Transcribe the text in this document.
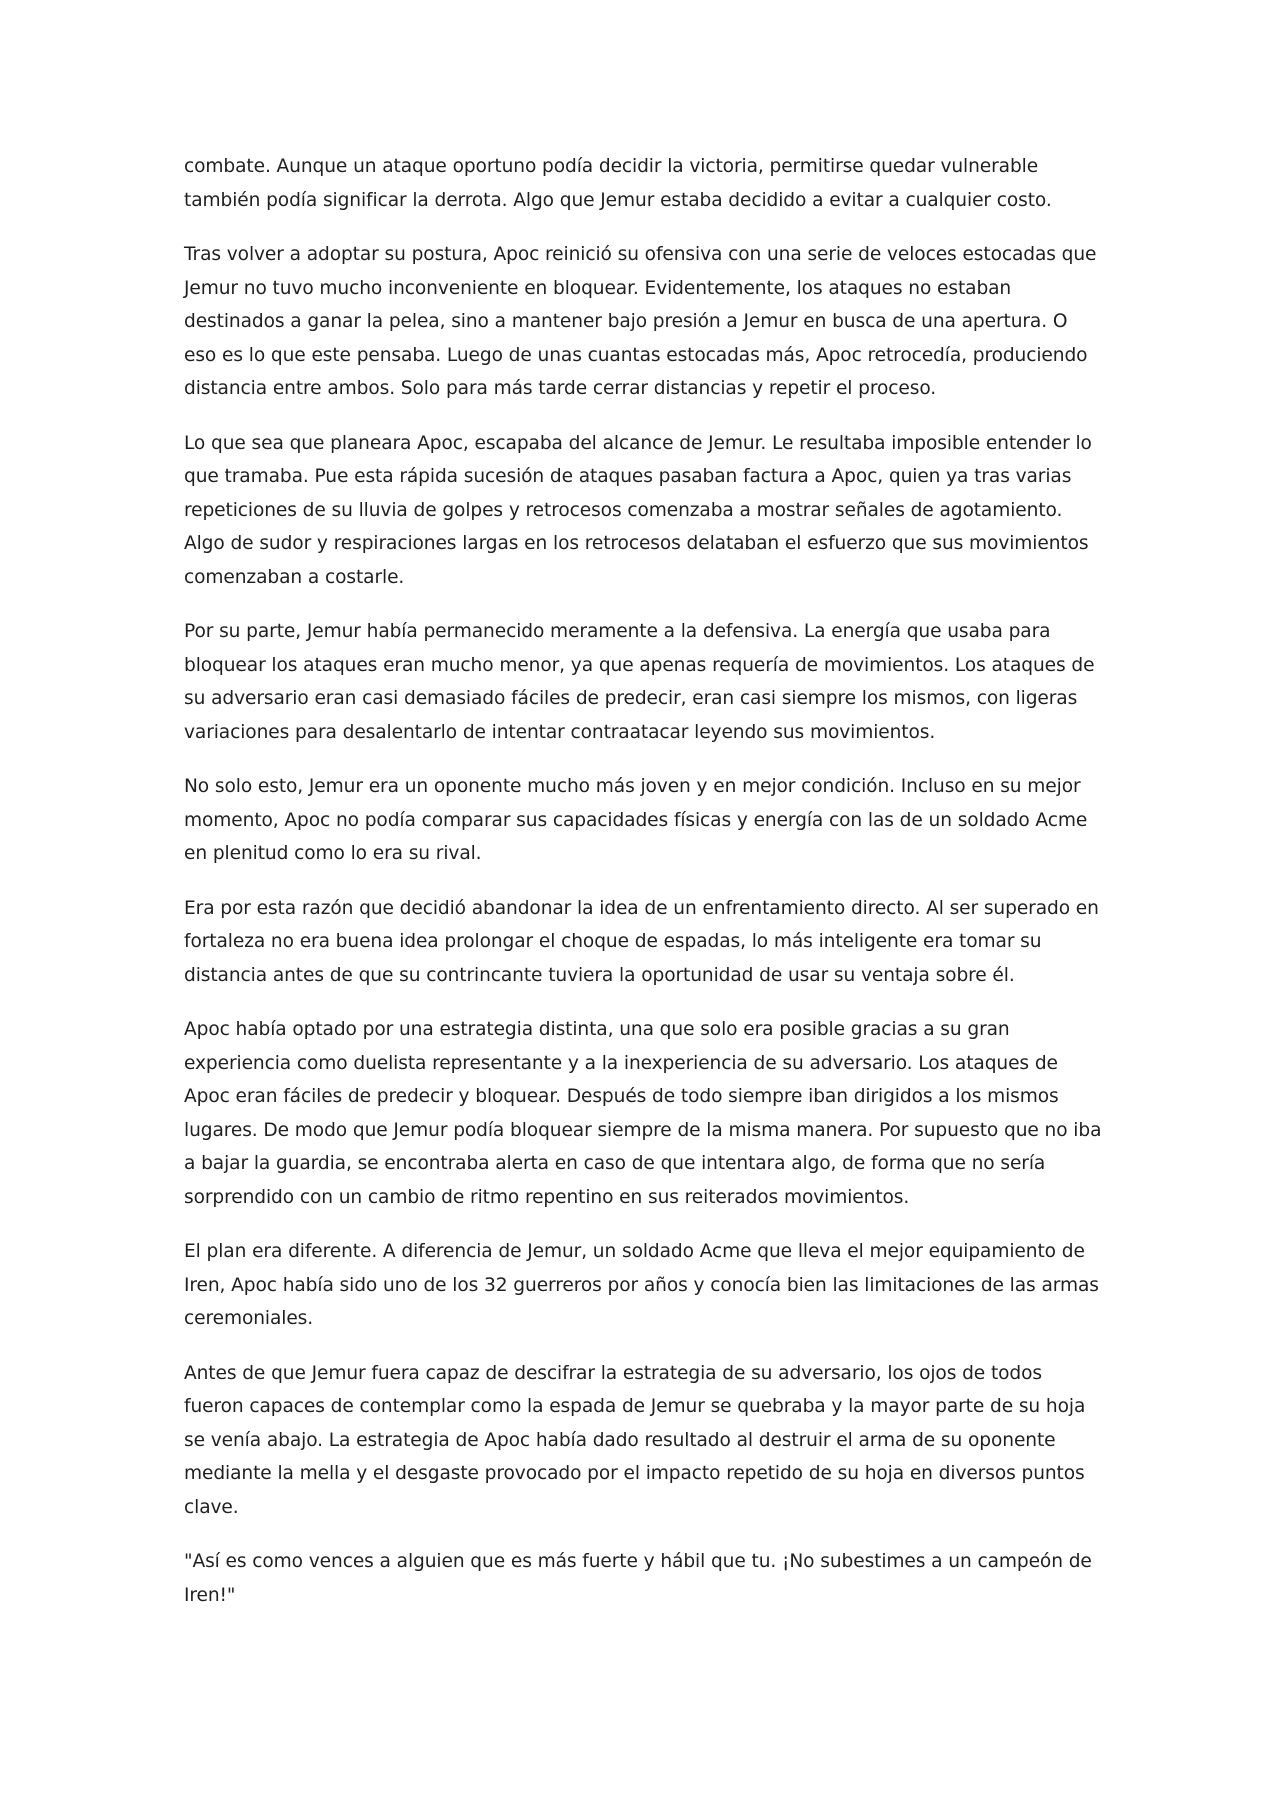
combate. Aunque un ataque oportuno podía decidir la victoria, permitirse quedar vulnerable también podía significar la derrota. Algo que Jemur estaba decidido a evitar a cualquier costo.

Tras volver a adoptar su postura, Apoc reinició su ofensiva con una serie de veloces estocadas que Jemur no tuvo mucho inconveniente en bloquear. Evidentemente, los ataques no estaban destinados a ganar la pelea, sino a mantener bajo presión a Jemur en busca de una apertura. O eso es lo que este pensaba. Luego de unas cuantas estocadas más, Apoc retrocedía, produciendo distancia entre ambos. Solo para más tarde cerrar distancias y repetir el proceso.

Lo que sea que planeara Apoc, escapaba del alcance de Jemur. Le resultaba imposible entender lo que tramaba. Pue esta rápida sucesión de ataques pasaban factura a Apoc, quien ya tras varias repeticiones de su lluvia de golpes y retrocesos comenzaba a mostrar señales de agotamiento. Algo de sudor y respiraciones largas en los retrocesos delataban el esfuerzo que sus movimientos comenzaban a costarle.

Por su parte, Jemur había permanecido meramente a la defensiva. La energía que usaba para bloquear los ataques eran mucho menor, ya que apenas requería de movimientos. Los ataques de su adversario eran casi demasiado fáciles de predecir, eran casi siempre los mismos, con ligeras variaciones para desalentarlo de intentar contraatacar leyendo sus movimientos.

No solo esto, Jemur era un oponente mucho más joven y en mejor condición. Incluso en su mejor momento, Apoc no podía comparar sus capacidades físicas y energía con las de un soldado Acme en plenitud como lo era su rival.

Era por esta razón que decidió abandonar la idea de un enfrentamiento directo. Al ser superado en fortaleza no era buena idea prolongar el choque de espadas, lo más inteligente era tomar su distancia antes de que su contrincante tuviera la oportunidad de usar su ventaja sobre él.

Apoc había optado por una estrategia distinta, una que solo era posible gracias a su gran experiencia como duelista representante y a la inexperiencia de su adversario. Los ataques de Apoc eran fáciles de predecir y bloquear. Después de todo siempre iban dirigidos a los mismos lugares. De modo que Jemur podía bloquear siempre de la misma manera. Por supuesto que no iba a bajar la guardia, se encontraba alerta en caso de que intentara algo, de forma que no sería sorprendido con un cambio de ritmo repentino en sus reiterados movimientos.

El plan era diferente. A diferencia de Jemur, un soldado Acme que lleva el mejor equipamiento de Iren, Apoc había sido uno de los 32 guerreros por años y conocía bien las limitaciones de las armas ceremoniales.

Antes de que Jemur fuera capaz de descifrar la estrategia de su adversario, los ojos de todos fueron capaces de contemplar como la espada de Jemur se quebraba y la mayor parte de su hoja se venía abajo. La estrategia de Apoc había dado resultado al destruir el arma de su oponente mediante la mella y el desgaste provocado por el impacto repetido de su hoja en diversos puntos clave.

"Así es como vences a alguien que es más fuerte y hábil que tu. ¡No subestimes a un campeón de Iren!"
